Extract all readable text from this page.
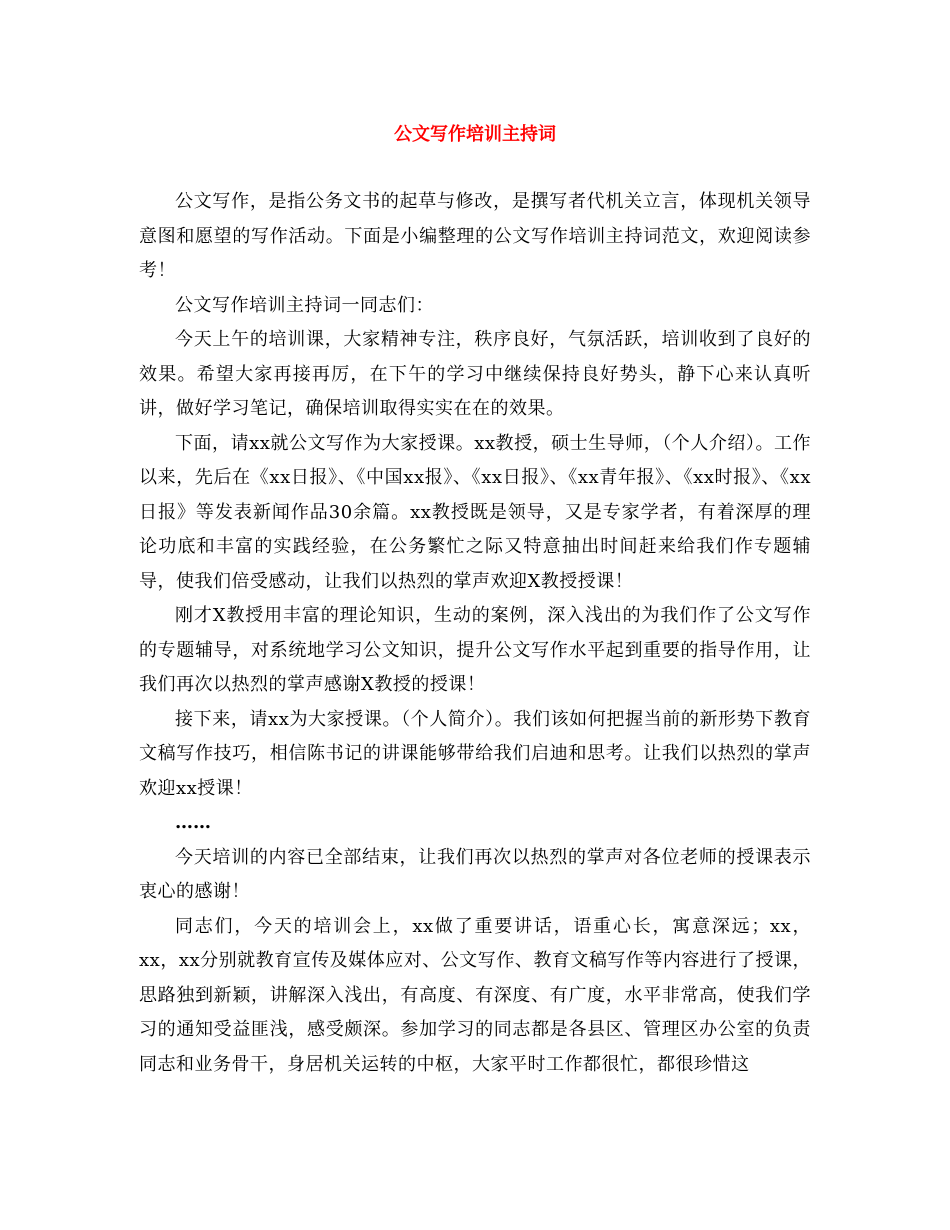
公文写作培训主持词

公文写作，是指公务文书的起草与修改，是撰写者代机关立言，体现机关领导意图和愿望的写作活动。下面是小编整理的公文写作培训主持词范文，欢迎阅读参考！

公文写作培训主持词一同志们：

今天上午的培训课，大家精神专注，秩序良好，气氛活跃，培训收到了良好的效果。希望大家再接再厉，在下午的学习中继续保持良好势头，静下心来认真听讲，做好学习笔记，确保培训取得实实在在的效果。

下面，请xx就公文写作为大家授课。xx教授，硕士生导师，（个人介绍）。工作以来，先后在《xx日报》、《中国xx报》、《xx日报》、《xx青年报》、《xx时报》、《xx日报》等发表新闻作品30余篇。xx教授既是领导，又是专家学者，有着深厚的理论功底和丰富的实践经验，在公务繁忙之际又特意抽出时间赶来给我们作专题辅导，使我们倍受感动，让我们以热烈的掌声欢迎X教授授课！

刚才X教授用丰富的理论知识，生动的案例，深入浅出的为我们作了公文写作的专题辅导，对系统地学习公文知识，提升公文写作水平起到重要的指导作用，让我们再次以热烈的掌声感谢X教授的授课！

接下来，请xx为大家授课。（个人简介）。我们该如何把握当前的新形势下教育文稿写作技巧，相信陈书记的讲课能够带给我们启迪和思考。让我们以热烈的掌声欢迎xx授课！

……

今天培训的内容已全部结束，让我们再次以热烈的掌声对各位老师的授课表示衷心的感谢！

同志们，今天的培训会上，xx做了重要讲话，语重心长，寓意深远；xx，xx，xx分别就教育宣传及媒体应对、公文写作、教育文稿写作等内容进行了授课，思路独到新颖，讲解深入浅出，有高度、有深度、有广度，水平非常高，使我们学习的通知受益匪浅，感受颇深。参加学习的同志都是各县区、管理区办公室的负责同志和业务骨干，身居机关运转的中枢，大家平时工作都很忙，都很珍惜这
